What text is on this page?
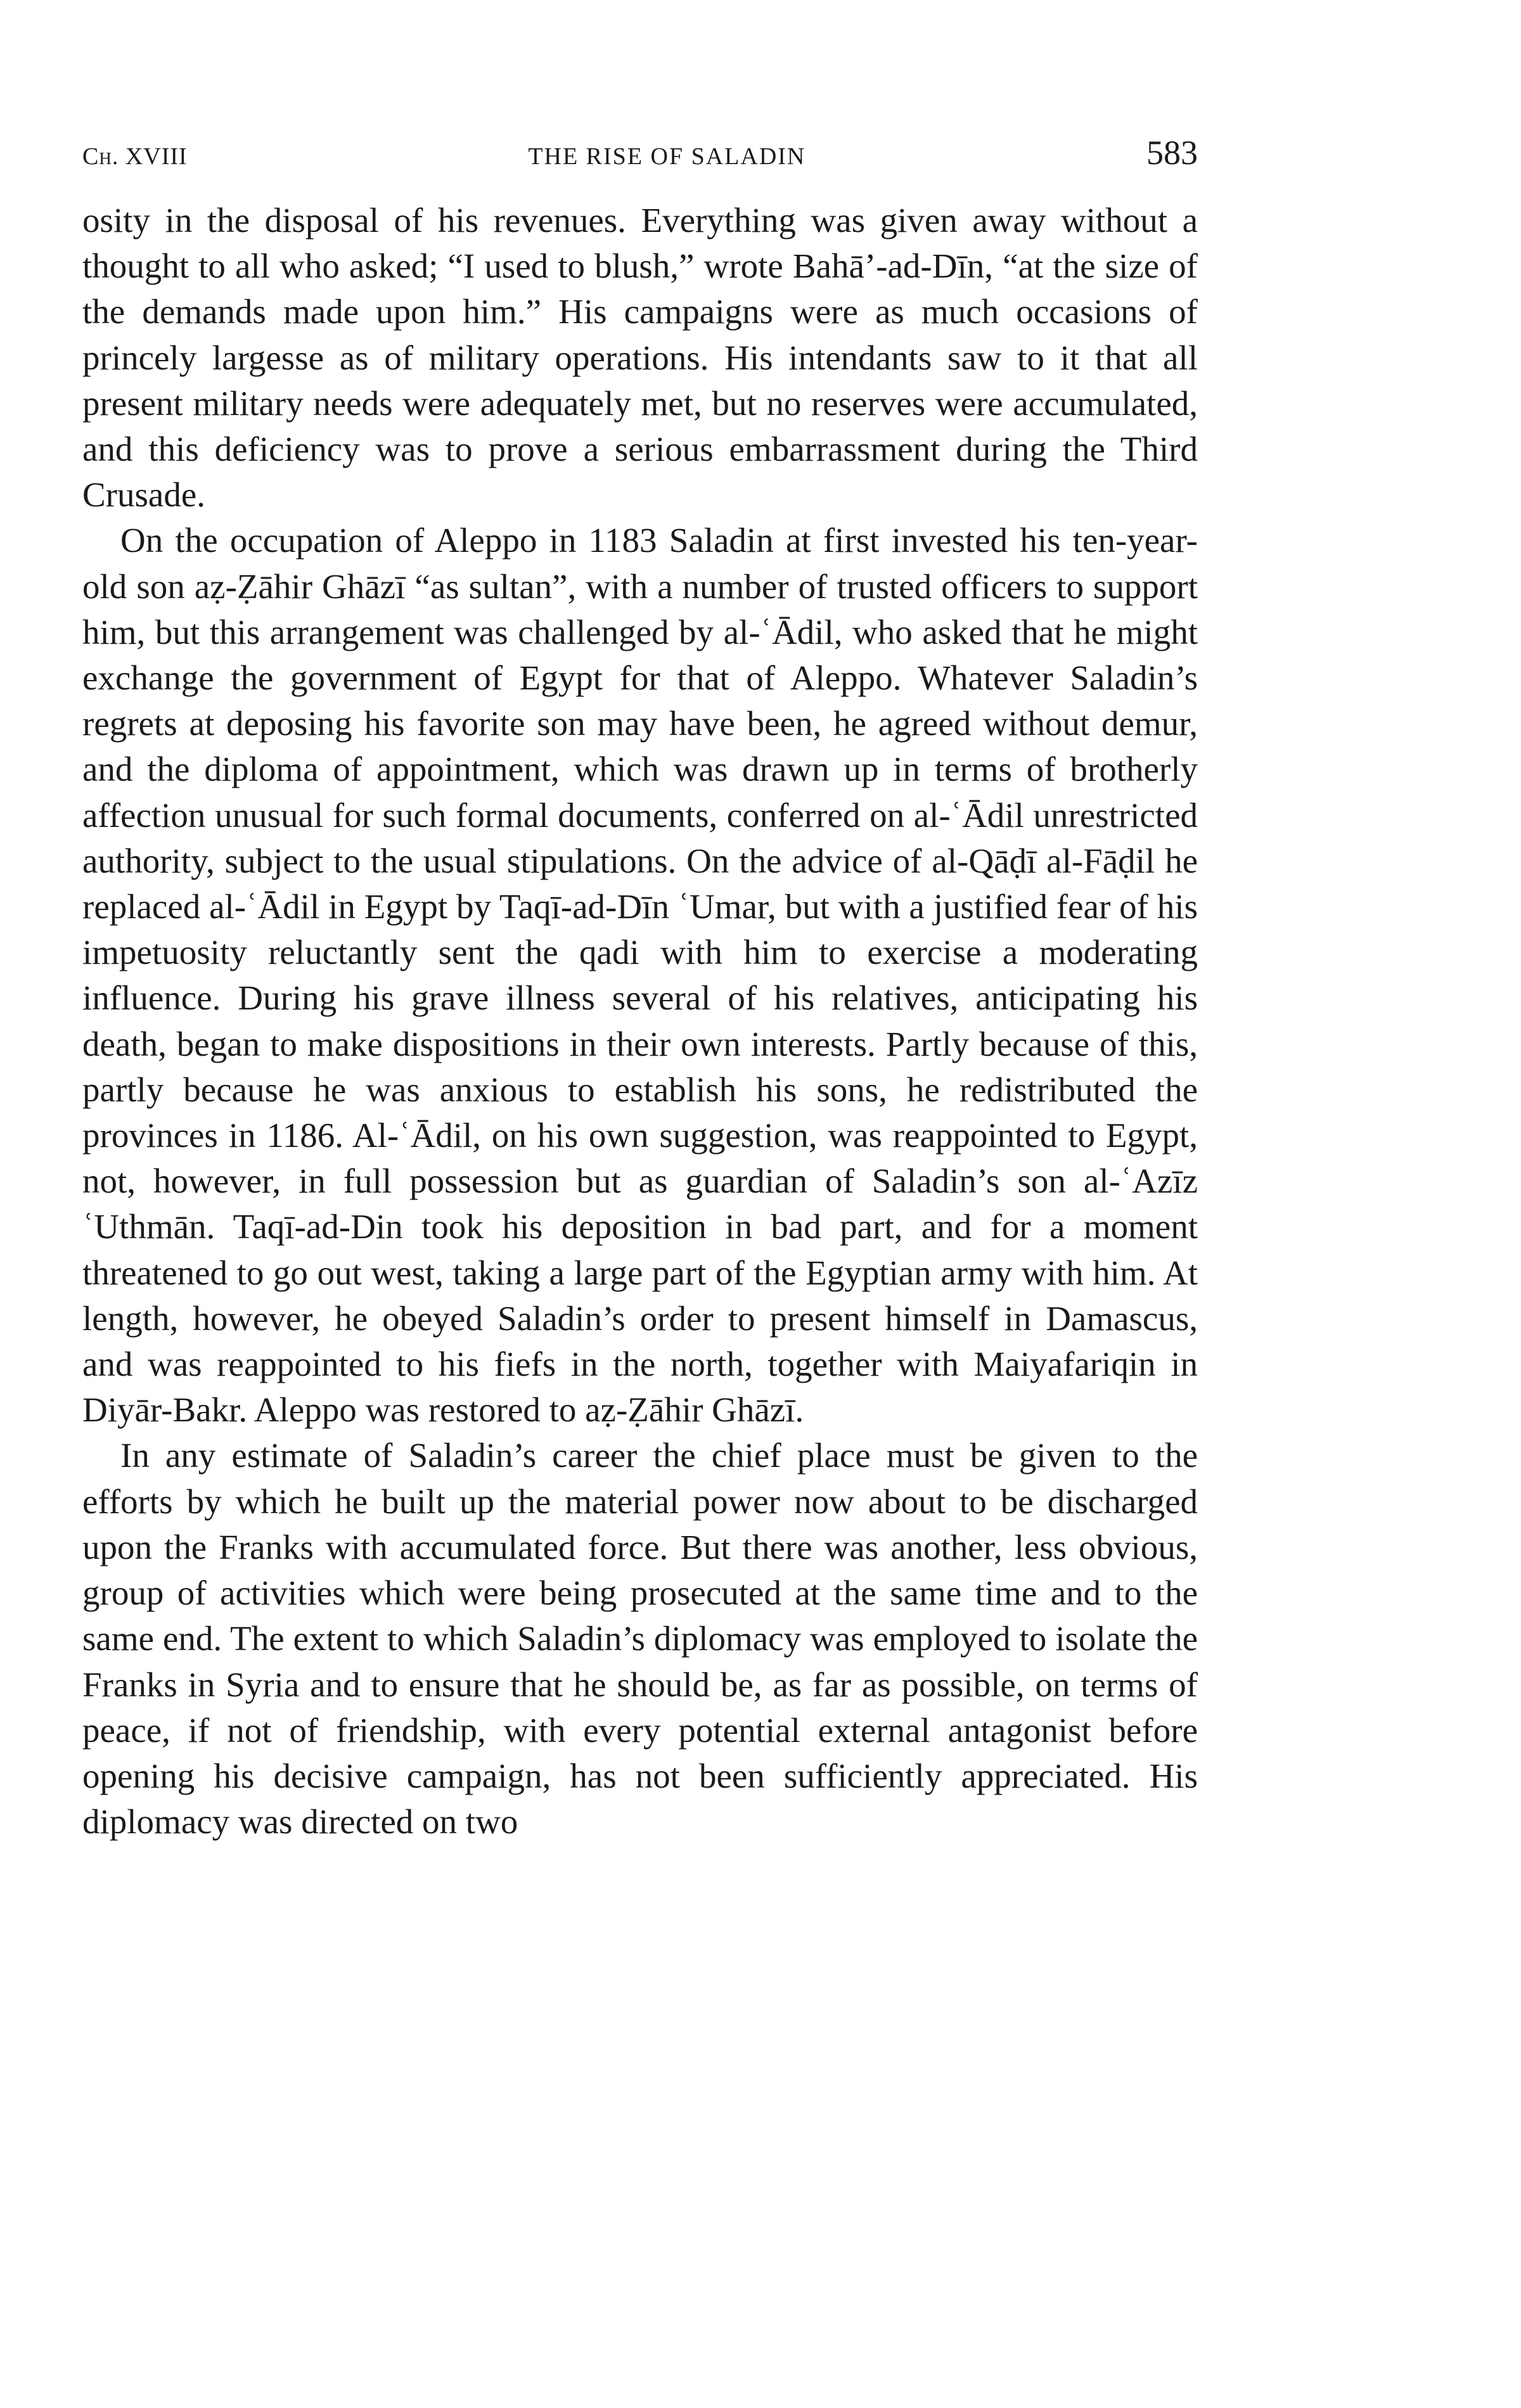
Ch. XVIII	THE RISE OF SALADIN	583

osity in the disposal of his revenues. Everything was given away without a thought to all who asked; “I used to blush,” wrote Bahā’-ad-Dīn, “at the size of the demands made upon him.” His campaigns were as much occasions of princely largesse as of military operations. His intendants saw to it that all present military needs were adequately met, but no reserves were accumulated, and this deficiency was to prove a serious embarrassment during the Third Crusade.

On the occupation of Aleppo in 1183 Saladin at first invested his ten-year-old son aẓ-Ẓāhir Ghāzī “as sultan”, with a number of trusted officers to support him, but this arrangement was challenged by al-ʿĀdil, who asked that he might exchange the government of Egypt for that of Aleppo. Whatever Saladin’s regrets at deposing his favorite son may have been, he agreed without demur, and the diploma of appointment, which was drawn up in terms of brotherly affection unusual for such formal documents, conferred on al-ʿĀdil unrestricted authority, subject to the usual stipulations. On the advice of al-Qāḍī al-Fāḍil he replaced al-ʿĀdil in Egypt by Taqī-ad-Dīn ʿUmar, but with a justified fear of his impetuosity reluctantly sent the qadi with him to exercise a moderating influence. During his grave illness several of his relatives, anticipating his death, began to make dispositions in their own interests. Partly because of this, partly because he was anxious to establish his sons, he redistributed the provinces in 1186. Al-ʿĀdil, on his own suggestion, was reappointed to Egypt, not, however, in full possession but as guardian of Saladin’s son al-ʿAzīz ʿUthmān. Taqī-ad-Din took his deposition in bad part, and for a moment threatened to go out west, taking a large part of the Egyptian army with him. At length, however, he obeyed Saladin’s order to present himself in Damascus, and was reappointed to his fiefs in the north, together with Maiyafariqin in Diyār-Bakr. Aleppo was restored to aẓ-Ẓāhir Ghāzī.

In any estimate of Saladin’s career the chief place must be given to the efforts by which he built up the material power now about to be discharged upon the Franks with accumulated force. But there was another, less obvious, group of activities which were being prosecuted at the same time and to the same end. The extent to which Saladin’s diplomacy was employed to isolate the Franks in Syria and to ensure that he should be, as far as possible, on terms of peace, if not of friendship, with every potential external antagonist before opening his decisive campaign, has not been sufficiently appreciated. His diplomacy was directed on two
